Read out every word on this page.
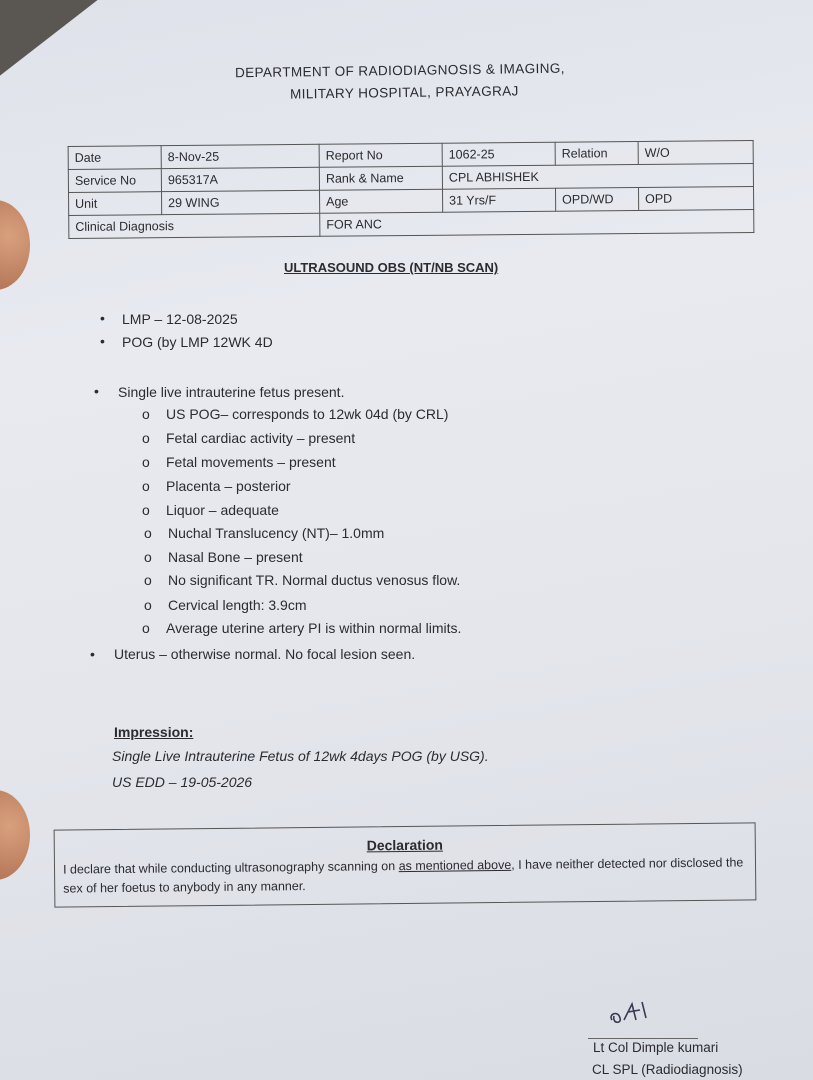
DEPARTMENT OF RADIODIAGNOSIS & IMAGING,
MILITARY HOSPITAL, PRAYAGRAJ
Date	8-Nov-25	Report No	1062-25	Relation	W/O
Service No	965317A	Rank & Name	CPL ABHISHEK		
Unit	29 WING	Age	31 Yrs/F	OPD/WD	OPD
Clinical Diagnosis		FOR ANC			
ULTRASOUND OBS (NT/NB SCAN)
• LMP – 12-08-2025
• POG (by LMP 12WK 4D
• Single live intrauterine fetus present.
o US POG– corresponds to 12wk 04d (by CRL)
o Fetal cardiac activity – present
o Fetal movements – present
o Placenta – posterior
o Liquor – adequate
o Nuchal Translucency (NT)– 1.0mm
o Nasal Bone – present
o No significant TR. Normal ductus venosus flow.
o Cervical length: 3.9cm
o Average uterine artery PI is within normal limits.
• Uterus – otherwise normal. No focal lesion seen.
Impression:
Single Live Intrauterine Fetus of 12wk 4days POG (by USG).
US EDD – 19-05-2026
Declaration
I declare that while conducting ultrasonography scanning on as mentioned above, I have neither detected nor disclosed the sex of her foetus to anybody in any manner.
Lt Col Dimple kumari
CL SPL (Radiodiagnosis)
